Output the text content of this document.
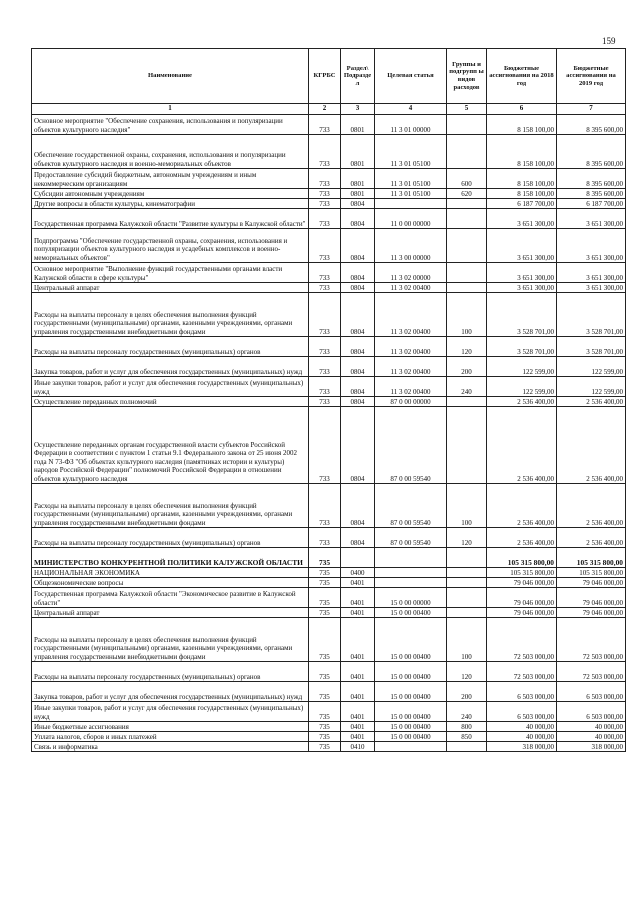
159
Наименование	КГРБС	Раздел\ Подразде л	Целевая статья	Группы и подгрупп ы видов расходов	Бюджетные ассигнования на 2018 год	Бюджетные ассигнования на 2019 год
1	2	3	4	5	6	7
Основное мероприятие "Обеспечение сохранения, использования и популяризации объектов культурного наследия"	733	0801	11 3 01 00000		8 158 100,00	8 395 600,00
Обеспечение государственной охраны, сохранения, использования и популяризации объектов культурного наследия и военно-мемориальных объектов	733	0801	11 3 01 05100		8 158 100,00	8 395 600,00
Предоставление субсидий бюджетным, автономным учреждениям и иным некоммерческим организациям	733	0801	11 3 01 05100	600	8 158 100,00	8 395 600,00
Субсидии автономным учреждениям	733	0801	11 3 01 05100	620	8 158 100,00	8 395 600,00
Другие вопросы в области культуры, кинематографии	733	0804			6 187 700,00	6 187 700,00
Государственная программа Калужской области "Развитие культуры в Калужской области"	733	0804	11 0 00 00000		3 651 300,00	3 651 300,00
Подпрограмма "Обеспечение государственной охраны, сохранения, использования и популяризации объектов культурного наследия и усадебных комплексов и военно-мемориальных объектов"	733	0804	11 3 00 00000		3 651 300,00	3 651 300,00
Основное мероприятие "Выполнение функций государственными органами власти Калужской области в сфере культуры"	733	0804	11 3 02 00000		3 651 300,00	3 651 300,00
Центральный аппарат	733	0804	11 3 02 00400		3 651 300,00	3 651 300,00
Расходы на выплаты персоналу в целях обеспечения выполнения функций государственными (муниципальными) органами, казенными учреждениями, органами управления государственными внебюджетными фондами	733	0804	11 3 02 00400	100	3 528 701,00	3 528 701,00
Расходы на выплаты персоналу государственных (муниципальных) органов	733	0804	11 3 02 00400	120	3 528 701,00	3 528 701,00
Закупка товаров, работ и услуг для обеспечения государственных (муниципальных) нужд	733	0804	11 3 02 00400	200	122 599,00	122 599,00
Иные закупки товаров, работ и услуг для обеспечения государственных (муниципальных) нужд	733	0804	11 3 02 00400	240	122 599,00	122 599,00
Осуществление переданных полномочий	733	0804	87 0 00 00000		2 536 400,00	2 536 400,00
Осуществление переданных органам государственной власти субъектов Российской Федерации в соответствии с пунктом 1 статьи 9.1 Федерального закона от 25 июня 2002 года N 73-ФЗ "Об объектах культурного наследия (памятниках истории и культуры) народов Российской Федерации" полномочий Российской Федерации в отношении объектов культурного наследия	733	0804	87 0 00 59540		2 536 400,00	2 536 400,00
Расходы на выплаты персоналу в целях обеспечения выполнения функций государственными (муниципальными) органами, казенными учреждениями, органами управления государственными внебюджетными фондами	733	0804	87 0 00 59540	100	2 536 400,00	2 536 400,00
Расходы на выплаты персоналу государственных (муниципальных) органов	733	0804	87 0 00 59540	120	2 536 400,00	2 536 400,00
МИНИСТЕРСТВО КОНКУРЕНТНОЙ ПОЛИТИКИ КАЛУЖСКОЙ ОБЛАСТИ	735				105 315 800,00	105 315 800,00
НАЦИОНАЛЬНАЯ ЭКОНОМИКА	735	0400			105 315 800,00	105 315 800,00
Общеэкономические вопросы	735	0401			79 046 000,00	79 046 000,00
Государственная программа Калужской области "Экономическое развитие в Калужской области"	735	0401	15 0 00 00000		79 046 000,00	79 046 000,00
Центральный аппарат	735	0401	15 0 00 00400		79 046 000,00	79 046 000,00
Расходы на выплаты персоналу в целях обеспечения выполнения функций государственными (муниципальными) органами, казенными учреждениями, органами управления государственными внебюджетными фондами	735	0401	15 0 00 00400	100	72 503 000,00	72 503 000,00
Расходы на выплаты персоналу государственных (муниципальных) органов	735	0401	15 0 00 00400	120	72 503 000,00	72 503 000,00
Закупка товаров, работ и услуг для обеспечения государственных (муниципальных) нужд	735	0401	15 0 00 00400	200	6 503 000,00	6 503 000,00
Иные закупки товаров, работ и услуг для обеспечения государственных (муниципальных) нужд	735	0401	15 0 00 00400	240	6 503 000,00	6 503 000,00
Иные бюджетные ассигнования	735	0401	15 0 00 00400	800	40 000,00	40 000,00
Уплата налогов, сборов и иных платежей	735	0401	15 0 00 00400	850	40 000,00	40 000,00
Связь и информатика	735	0410			318 000,00	318 000,00
